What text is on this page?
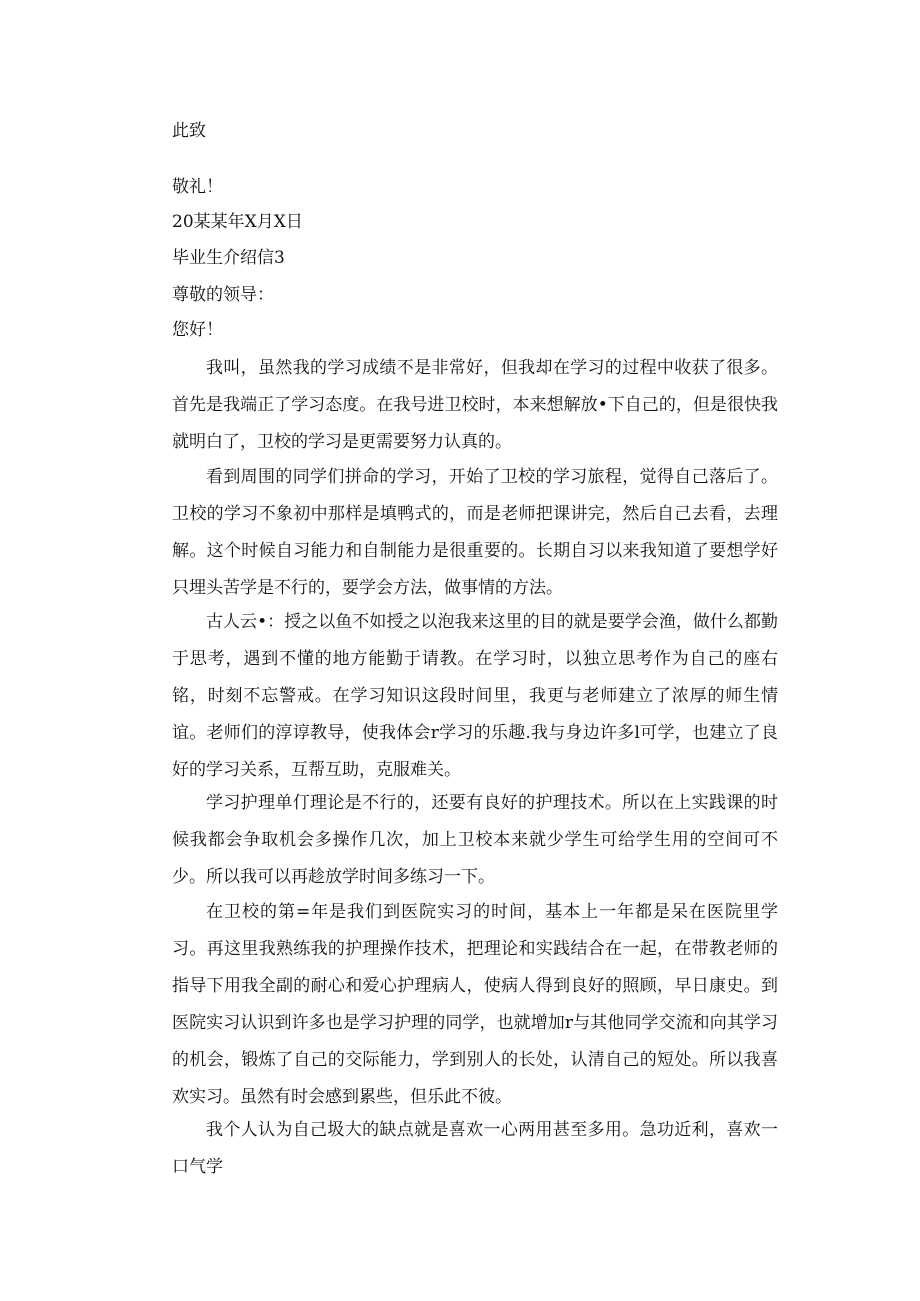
此致
敬礼！
20某某年X月X日
毕业生介绍信3
尊敬的领导：
您好！
我叫，虽然我的学习成绩不是非常好，但我却在学习的过程中收获了很多。首先是我端正了学习态度。在我号进卫校时，本来想解放•下自己的，但是很快我就明白了，卫校的学习是更需要努力认真的。
看到周围的同学们拼命的学习，开始了卫校的学习旅程，觉得自己落后了。卫校的学习不象初中那样是填鸭式的，而是老师把课讲完，然后自己去看，去理解。这个时候自习能力和自制能力是很重要的。长期自习以来我知道了要想学好只埋头苦学是不行的，要学会方法，做事情的方法。
古人云•：授之以鱼不如授之以泡我来这里的目的就是要学会渔，做什么都勤于思考，遇到不懂的地方能勤于请教。在学习时，以独立思考作为自己的座右铭，时刻不忘警戒。在学习知识这段时间里，我更与老师建立了浓厚的师生情谊。老师们的淳谆教导，使我体会r学习的乐趣.我与身边许多l可学，也建立了良好的学习关系，互帮互助，克服难关。
学习护理单仃理论是不行的，还要有良好的护理技术。所以在上实践课的时候我都会争取机会多操作几次，加上卫校本来就少学生可给学生用的空间可不少。所以我可以再趁放学时间多练习一下。
在卫校的第=年是我们到医院实习的时间，基本上一年都是呆在医院里学习。再这里我熟练我的护理操作技术，把理论和实践结合在一起，在带教老师的指导下用我全副的耐心和爱心护理病人，使病人得到良好的照顾，早日康史。到医院实习认识到许多也是学习护理的同学，也就增加r与其他同学交流和向其学习的机会，锻炼了自己的交际能力，学到别人的长处，认清自己的短处。所以我喜欢实习。虽然有时会感到累些，但乐此不彼。
我个人认为自己圾大的缺点就是喜欢一心两用甚至多用。急功近利，喜欢一口气学
